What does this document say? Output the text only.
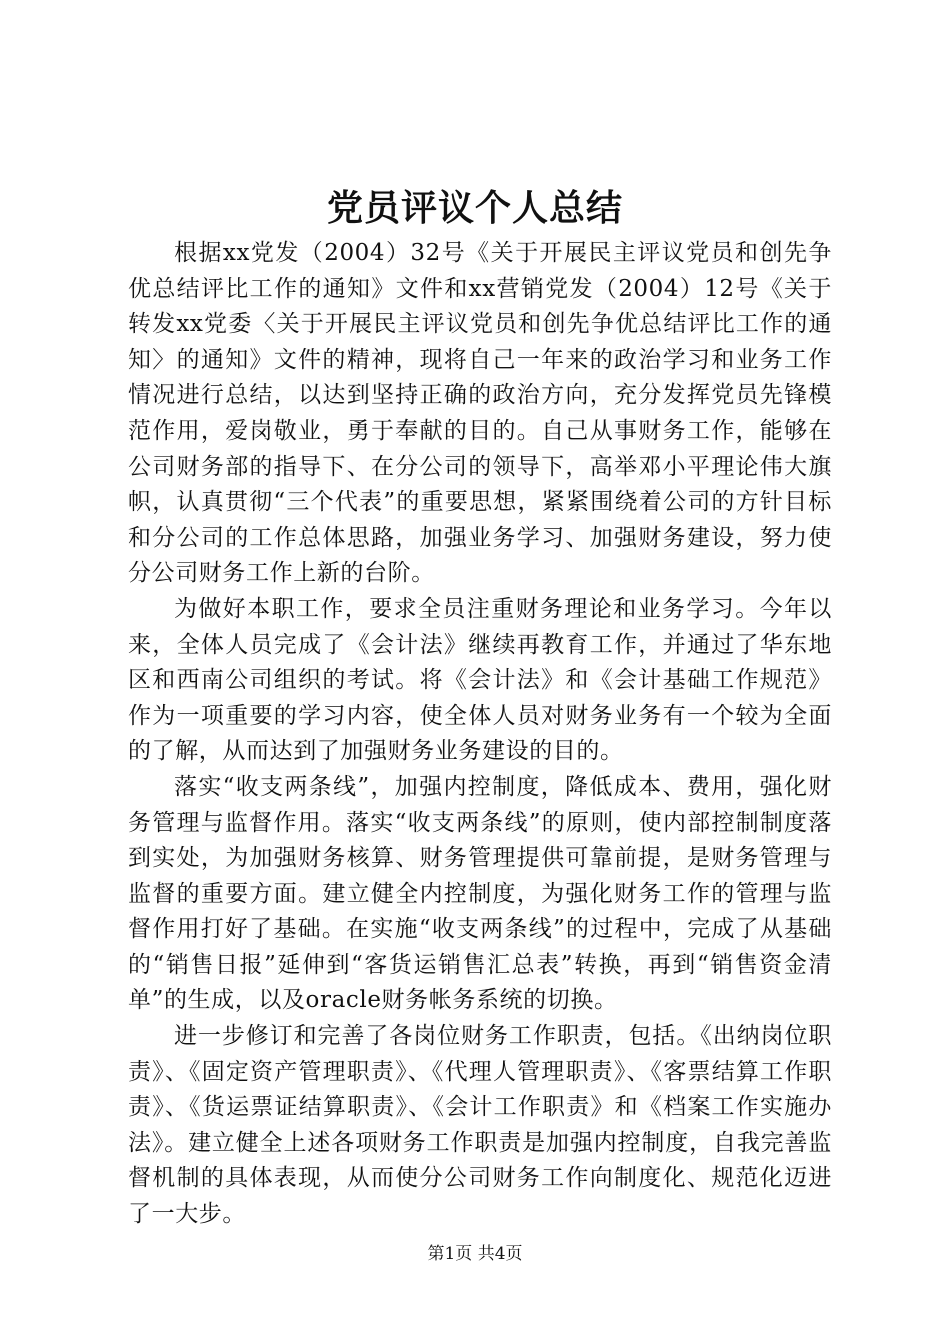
党员评议个人总结

根据xx党发（2004）32号《关于开展民主评议党员和创先争优总结评比工作的通知》文件和xx营销党发（2004）12号《关于转发xx党委〈关于开展民主评议党员和创先争优总结评比工作的通知〉的通知》文件的精神，现将自己一年来的政治学习和业务工作情况进行总结，以达到坚持正确的政治方向，充分发挥党员先锋模范作用，爱岗敬业，勇于奉献的目的。自己从事财务工作，能够在公司财务部的指导下、在分公司的领导下，高举邓小平理论伟大旗帜，认真贯彻“三个代表”的重要思想，紧紧围绕着公司的方针目标和分公司的工作总体思路，加强业务学习、加强财务建设，努力使分公司财务工作上新的台阶。

为做好本职工作，要求全员注重财务理论和业务学习。今年以来，全体人员完成了《会计法》继续再教育工作，并通过了华东地区和西南公司组织的考试。将《会计法》和《会计基础工作规范》作为一项重要的学习内容，使全体人员对财务业务有一个较为全面的了解，从而达到了加强财务业务建设的目的。

落实“收支两条线”，加强内控制度，降低成本、费用，强化财务管理与监督作用。落实“收支两条线”的原则，使内部控制制度落到实处，为加强财务核算、财务管理提供可靠前提，是财务管理与监督的重要方面。建立健全内控制度，为强化财务工作的管理与监督作用打好了基础。在实施“收支两条线”的过程中，完成了从基础的“销售日报”延伸到“客货运销售汇总表”转换，再到“销售资金清单”的生成，以及oracle财务帐务系统的切换。

进一步修订和完善了各岗位财务工作职责，包括。《出纳岗位职责》、《固定资产管理职责》、《代理人管理职责》、《客票结算工作职责》、《货运票证结算职责》、《会计工作职责》和《档案工作实施办法》。建立健全上述各项财务工作职责是加强内控制度，自我完善监督机制的具体表现，从而使分公司财务工作向制度化、规范化迈进了一大步。

第1页 共4页
